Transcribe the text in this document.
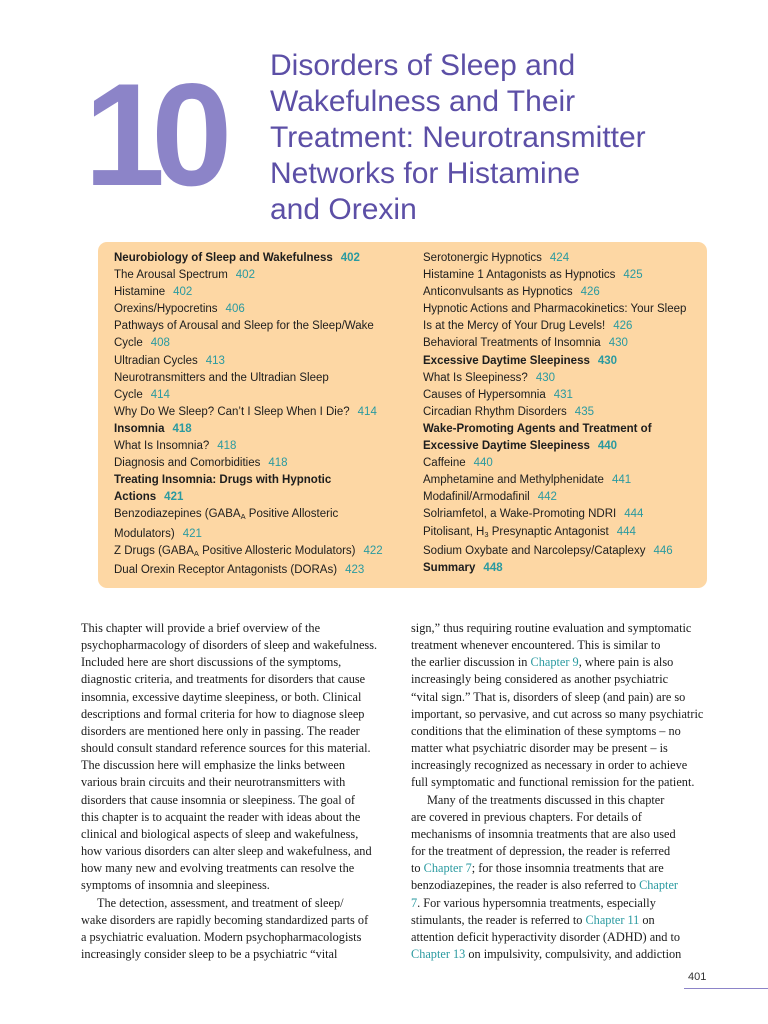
10 Disorders of Sleep and
Wakefulness and Their
Treatment: Neurotransmitter
Networks for Histamine
and Orexin
Neurobiology of Sleep and Wakefulness 402
The Arousal Spectrum 402
Histamine 402
Orexins/Hypocretins 406
Pathways of Arousal and Sleep for the Sleep/Wake
Cycle 408
Ultradian Cycles 413
Neurotransmitters and the Ultradian Sleep
Cycle 414
Why Do We Sleep? Can’t I Sleep When I Die? 414
Insomnia 418
What Is Insomnia? 418
Diagnosis and Comorbidities 418
Treating Insomnia: Drugs with Hypnotic
Actions 421
Benzodiazepines ($GABA_A$ Positive Allosteric
Modulators) 421
Z Drugs ($GABA_A$ Positive Allosteric Modulators) 422
Dual Orexin Receptor Antagonists (DORAs) 423
Serotonergic Hypnotics 424
Histamine 1 Antagonists as Hypnotics 425
Anticonvulsants as Hypnotics 426
Hypnotic Actions and Pharmacokinetics: Your Sleep
Is at the Mercy of Your Drug Levels! 426
Behavioral Treatments of Insomnia 430
Excessive Daytime Sleepiness 430
What Is Sleepiness? 430
Causes of Hypersomnia 431
Circadian Rhythm Disorders 435
Wake-Promoting Agents and Treatment of
Excessive Daytime Sleepiness 440
Caffeine 440
Amphetamine and Methylphenidate 441
Modafinil/Armodafinil 442
Solriamfetol, a Wake-Promoting NDRI 444
Pitolisant, $H_3$ Presynaptic Antagonist 444
Sodium Oxybate and Narcolepsy/Cataplexy 446
Summary 448
This chapter will provide a brief overview of the
psychopharmacology of disorders of sleep and wakefulness.
Included here are short discussions of the symptoms,
diagnostic criteria, and treatments for disorders that cause
insomnia, excessive daytime sleepiness, or both. Clinical
descriptions and formal criteria for how to diagnose sleep
disorders are mentioned here only in passing. The reader
should consult standard reference sources for this material.
The discussion here will emphasize the links between
various brain circuits and their neurotransmitters with
disorders that cause insomnia or sleepiness. The goal of
this chapter is to acquaint the reader with ideas about the
clinical and biological aspects of sleep and wakefulness,
how various disorders can alter sleep and wakefulness, and
how many new and evolving treatments can resolve the
symptoms of insomnia and sleepiness.
The detection, assessment, and treatment of sleep/
wake disorders are rapidly becoming standardized parts of
a psychiatric evaluation. Modern psychopharmacologists
increasingly consider sleep to be a psychiatric “vital
sign,” thus requiring routine evaluation and symptomatic
treatment whenever encountered. This is similar to
the earlier discussion in Chapter 9, where pain is also
increasingly being considered as another psychiatric
“vital sign.” That is, disorders of sleep (and pain) are so
important, so pervasive, and cut across so many psychiatric
conditions that the elimination of these symptoms – no
matter what psychiatric disorder may be present – is
increasingly recognized as necessary in order to achieve
full symptomatic and functional remission for the patient.
Many of the treatments discussed in this chapter
are covered in previous chapters. For details of
mechanisms of insomnia treatments that are also used
for the treatment of depression, the reader is referred
to Chapter 7; for those insomnia treatments that are
benzodiazepines, the reader is also referred to Chapter
7. For various hypersomnia treatments, especially
stimulants, the reader is referred to Chapter 11 on
attention deficit hyperactivity disorder (ADHD) and to
Chapter 13 on impulsivity, compulsivity, and addiction
401
